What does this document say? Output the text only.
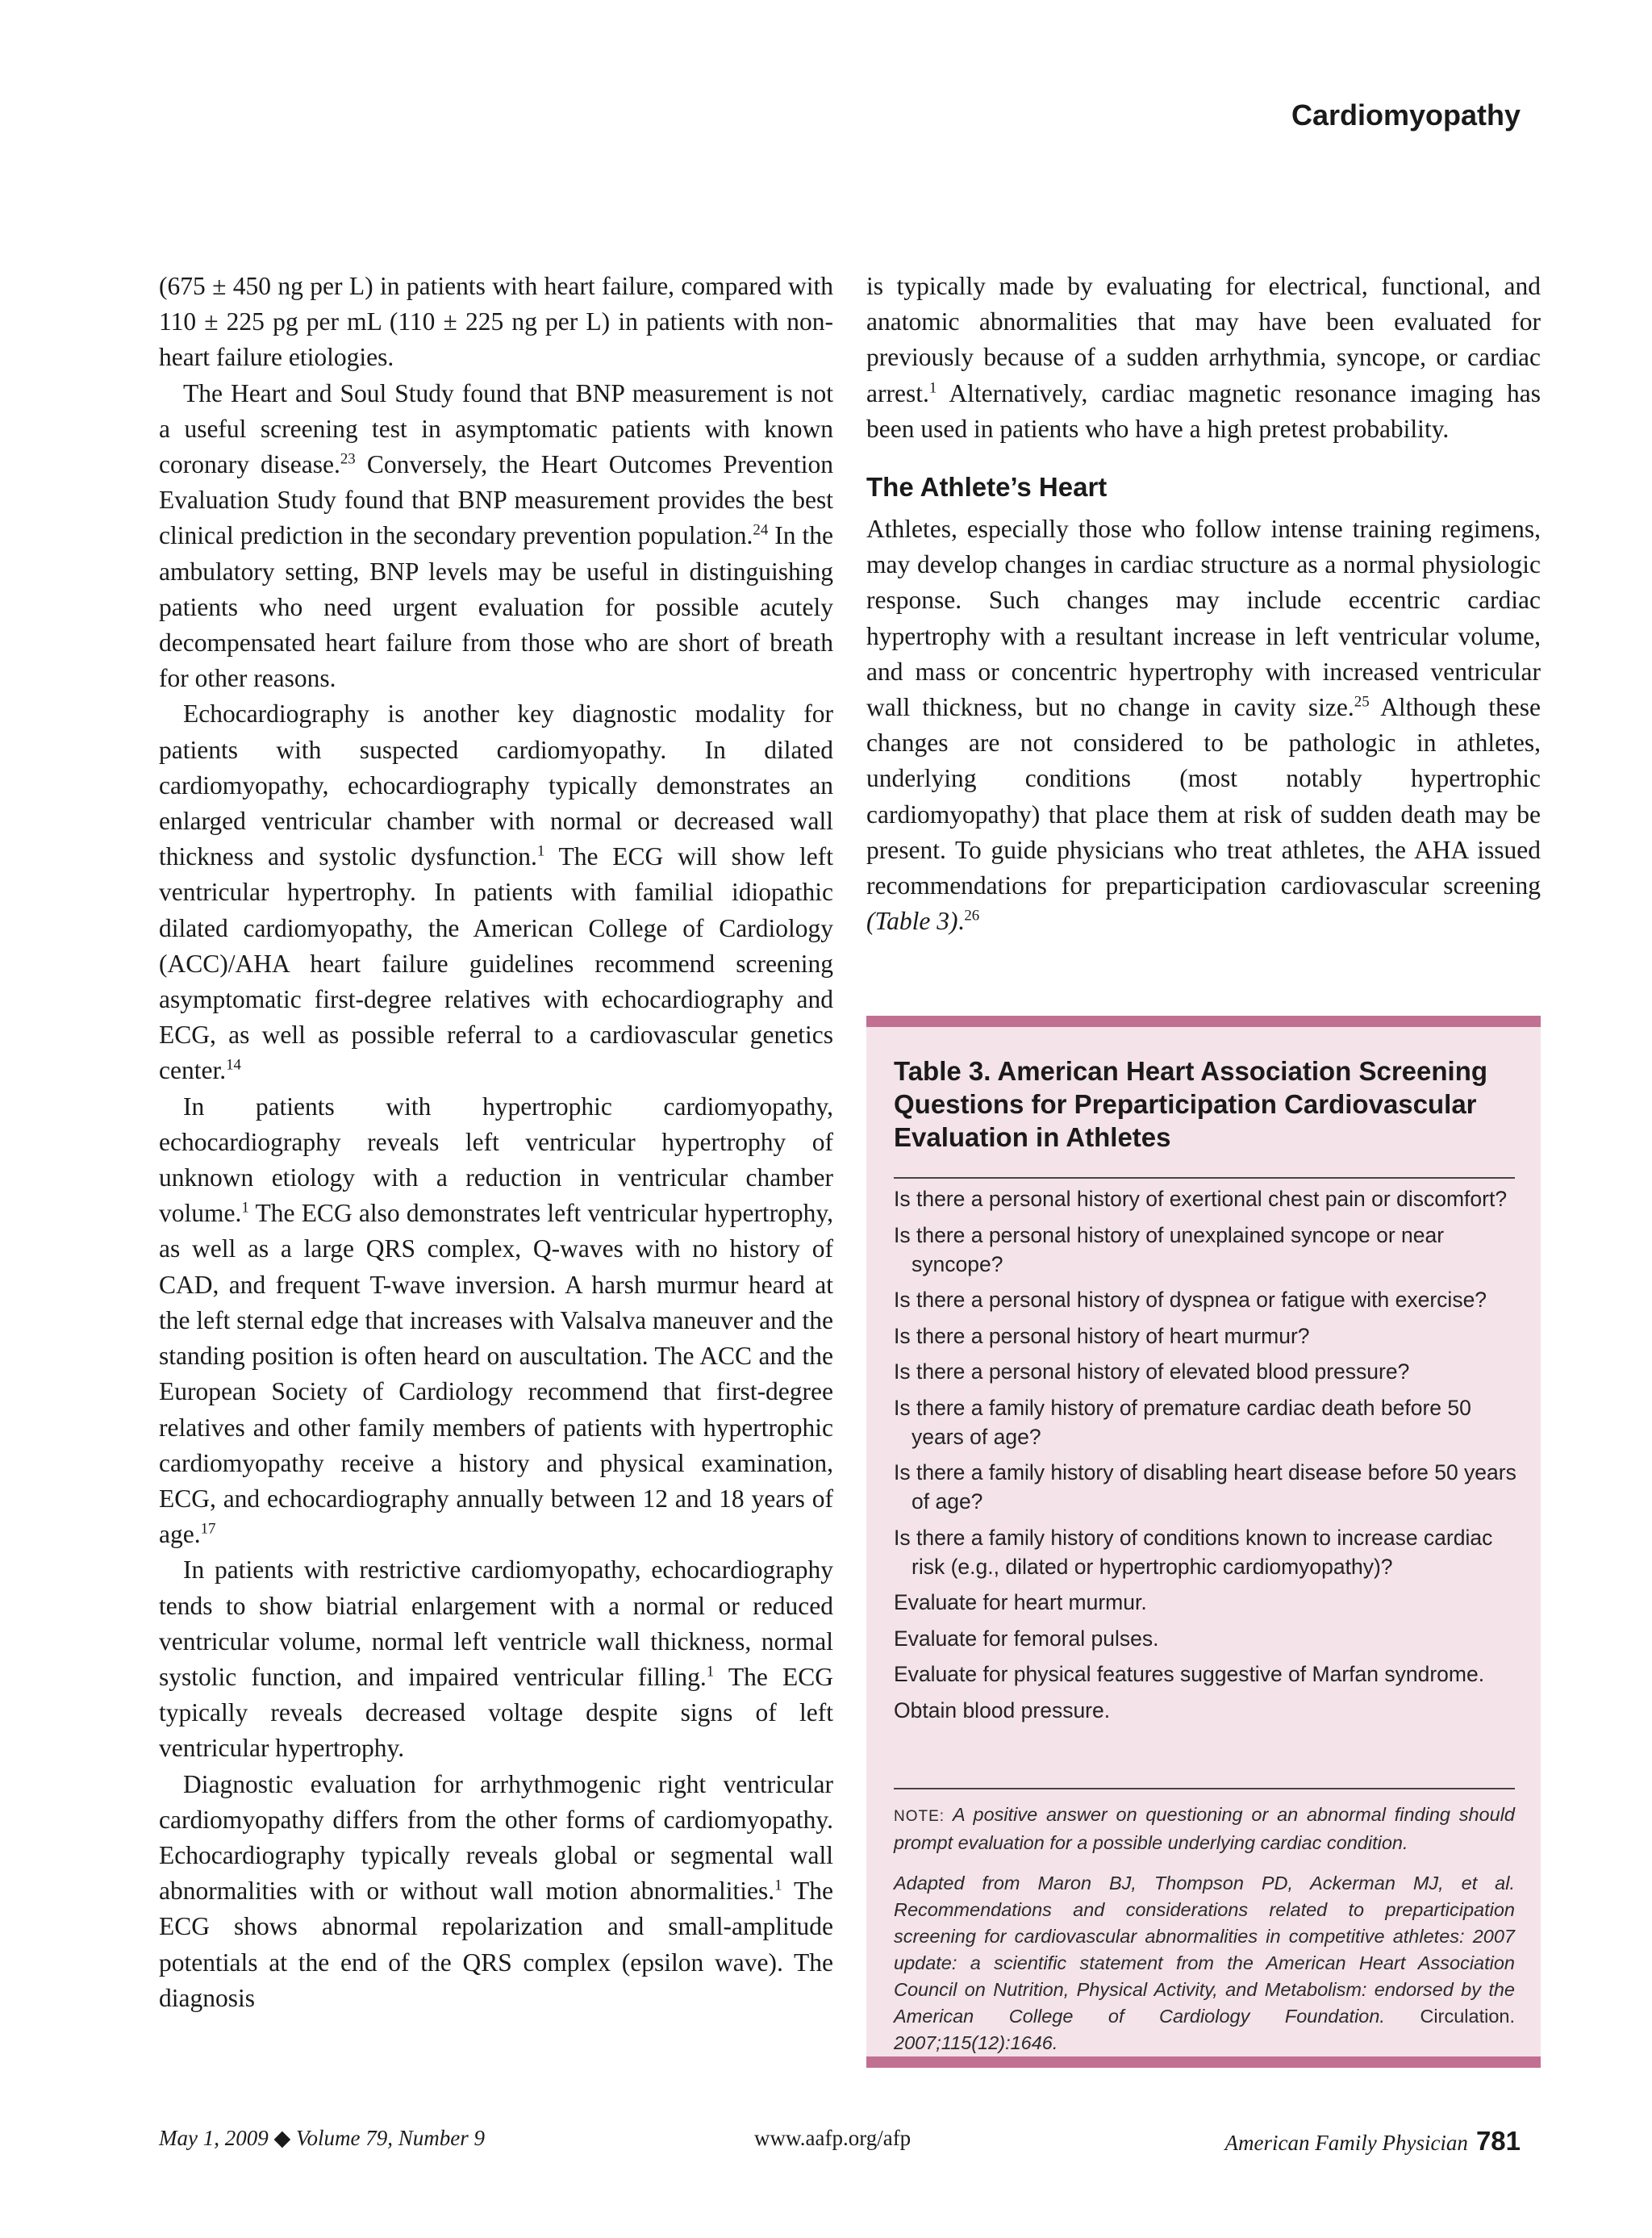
Cardiomyopathy

(675 ± 450 ng per L) in patients with heart failure, compared with 110 ± 225 pg per mL (110 ± 225 ng per L) in patients with non-heart failure etiologies.

The Heart and Soul Study found that BNP measurement is not a useful screening test in asymptomatic patients with known coronary disease.$^{23}$ Conversely, the Heart Outcomes Prevention Evaluation Study found that BNP measurement provides the best clinical prediction in the secondary prevention population.$^{24}$ In the ambulatory setting, BNP levels may be useful in distinguishing patients who need urgent evaluation for possible acutely decompensated heart failure from those who are short of breath for other reasons.

Echocardiography is another key diagnostic modality for patients with suspected cardiomyopathy. In dilated cardiomyopathy, echocardiography typically demonstrates an enlarged ventricular chamber with normal or decreased wall thickness and systolic dysfunction.$^1$ The ECG will show left ventricular hypertrophy. In patients with familial idiopathic dilated cardiomyopathy, the American College of Cardiology (ACC)/AHA heart failure guidelines recommend screening asymptomatic first-degree relatives with echocardiography and ECG, as well as possible referral to a cardiovascular genetics center.$^{14}$

In patients with hypertrophic cardiomyopathy, echocardiography reveals left ventricular hypertrophy of unknown etiology with a reduction in ventricular chamber volume.$^1$ The ECG also demonstrates left ventricular hypertrophy, as well as a large QRS complex, Q-waves with no history of CAD, and frequent T-wave inversion. A harsh murmur heard at the left sternal edge that increases with Valsalva maneuver and the standing position is often heard on auscultation. The ACC and the European Society of Cardiology recommend that first-degree relatives and other family members of patients with hypertrophic cardiomyopathy receive a history and physical examination, ECG, and echocardiography annually between 12 and 18 years of age.$^{17}$

In patients with restrictive cardiomyopathy, echocardiography tends to show biatrial enlargement with a normal or reduced ventricular volume, normal left ventricle wall thickness, normal systolic function, and impaired ventricular filling.$^1$ The ECG typically reveals decreased voltage despite signs of left ventricular hypertrophy.

Diagnostic evaluation for arrhythmogenic right ventricular cardiomyopathy differs from the other forms of cardiomyopathy. Echocardiography typically reveals global or segmental wall abnormalities with or without wall motion abnormalities.$^1$ The ECG shows abnormal repolarization and small-amplitude potentials at the end of the QRS complex (epsilon wave). The diagnosis

is typically made by evaluating for electrical, functional, and anatomic abnormalities that may have been evaluated for previously because of a sudden arrhythmia, syncope, or cardiac arrest.$^1$ Alternatively, cardiac magnetic resonance imaging has been used in patients who have a high pretest probability.

The Athlete’s Heart

Athletes, especially those who follow intense training regimens, may develop changes in cardiac structure as a normal physiologic response. Such changes may include eccentric cardiac hypertrophy with a resultant increase in left ventricular volume, and mass or concentric hypertrophy with increased ventricular wall thickness, but no change in cavity size.$^{25}$ Although these changes are not considered to be pathologic in athletes, underlying conditions (most notably hypertrophic cardiomyopathy) that place them at risk of sudden death may be present. To guide physicians who treat athletes, the AHA issued recommendations for preparticipation cardiovascular screening (Table 3).$^{26}$

Table 3. American Heart Association Screening Questions for Preparticipation Cardiovascular Evaluation in Athletes
Is there a personal history of exertional chest pain or discomfort?
Is there a personal history of unexplained syncope or near syncope?
Is there a personal history of dyspnea or fatigue with exercise?
Is there a personal history of heart murmur?
Is there a personal history of elevated blood pressure?
Is there a family history of premature cardiac death before 50 years of age?
Is there a family history of disabling heart disease before 50 years of age?
Is there a family history of conditions known to increase cardiac risk (e.g., dilated or hypertrophic cardiomyopathy)?
Evaluate for heart murmur.
Evaluate for femoral pulses.
Evaluate for physical features suggestive of Marfan syndrome.
Obtain blood pressure.
NOTE: A positive answer on questioning or an abnormal finding should prompt evaluation for a possible underlying cardiac condition.
Adapted from Maron BJ, Thompson PD, Ackerman MJ, et al. Recommendations and considerations related to preparticipation screening for cardiovascular abnormalities in competitive athletes: 2007 update: a scientific statement from the American Heart Association Council on Nutrition, Physical Activity, and Metabolism: endorsed by the American College of Cardiology Foundation. Circulation. 2007;115(12):1646.
May 1, 2009 ◆ Volume 79, Number 9	www.aafp.org/afp	American Family Physician 781
